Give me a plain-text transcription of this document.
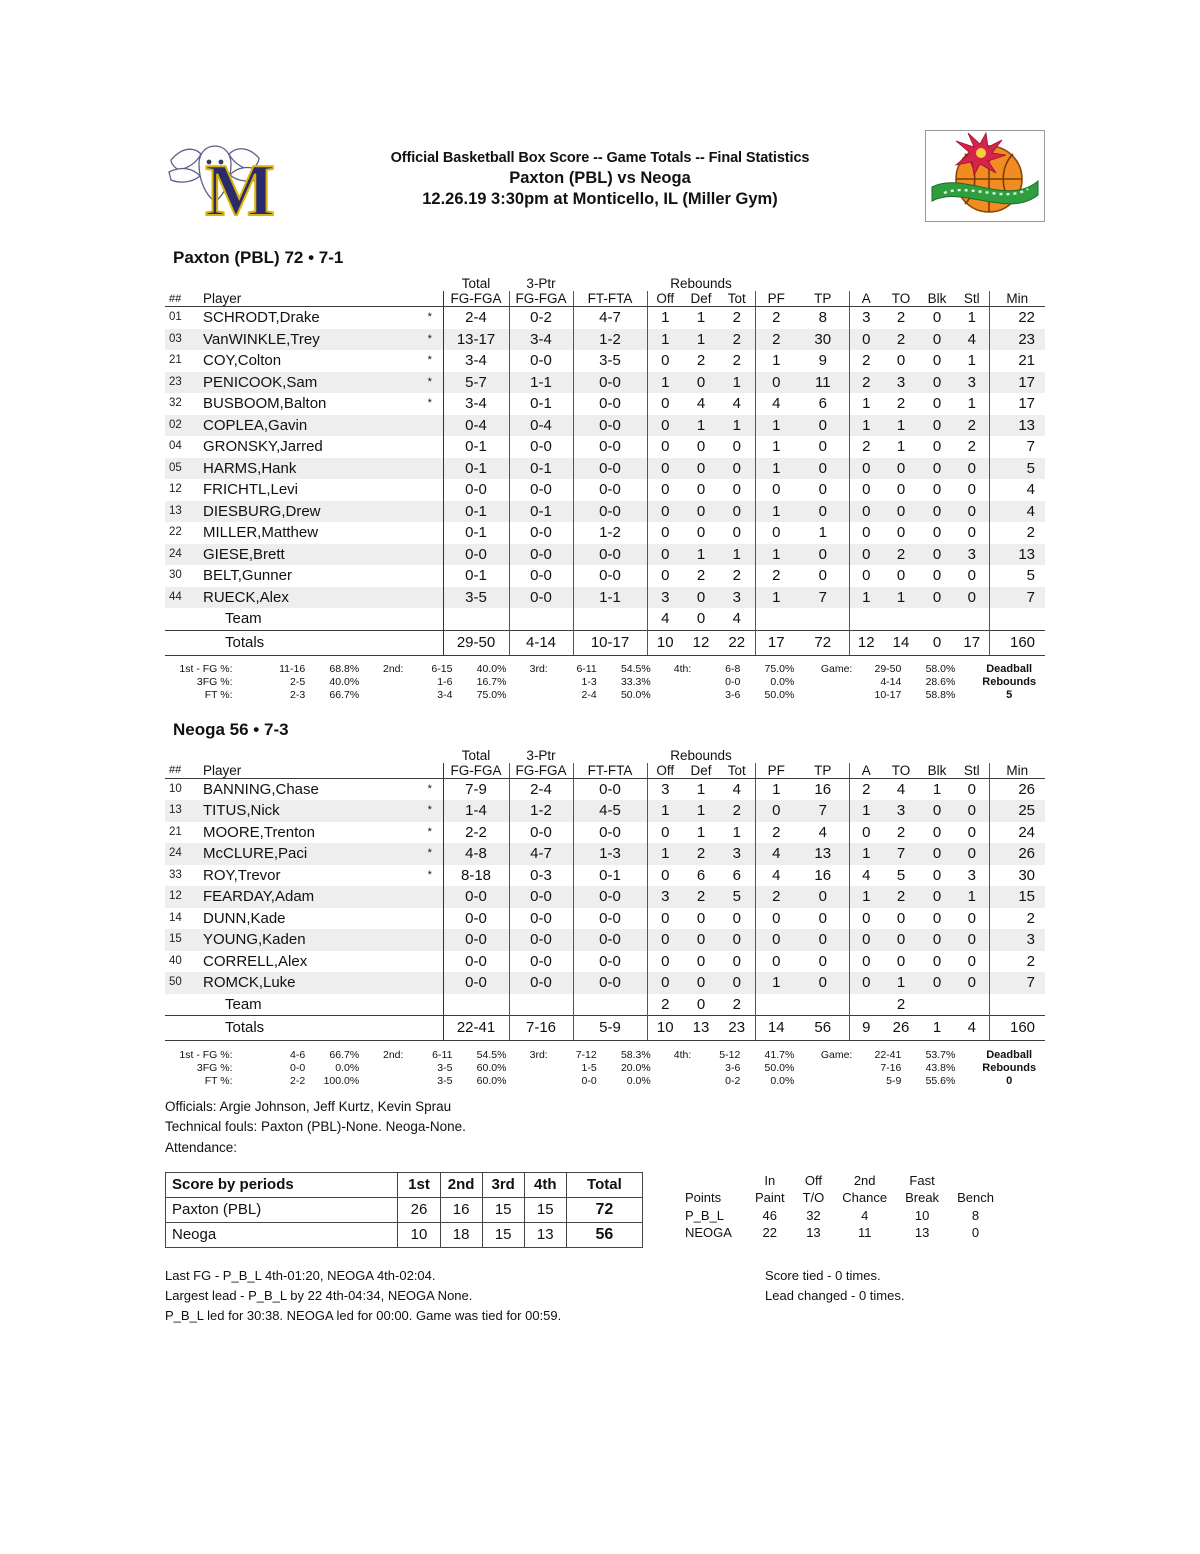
M	Official Basketball Box Score -- Game Totals -- Final Statistics
Paxton (PBL) vs Neoga
12.26.19 3:30pm at Monticello, IL (Miller Gym)
Paxton (PBL) 72 • 7-1
			Total	3-Ptr		Rebounds									
##	Player		FG-FGA	FG-FGA	FT-FTA	Off	Def	Tot	PF	TP	A	TO	Blk	Stl	Min
01	SCHRODT,Drake	*	2-4	0-2	4-7	1	1	2	2	8	3	2	0	1	22
03	VanWINKLE,Trey	*	13-17	3-4	1-2	1	1	2	2	30	0	2	0	4	23
21	COY,Colton	*	3-4	0-0	3-5	0	2	2	1	9	2	0	0	1	21
23	PENICOOK,Sam	*	5-7	1-1	0-0	1	0	1	0	11	2	3	0	3	17
32	BUSBOOM,Balton	*	3-4	0-1	0-0	0	4	4	4	6	1	2	0	1	17
02	COPLEA,Gavin		0-4	0-4	0-0	0	1	1	1	0	1	1	0	2	13
04	GRONSKY,Jarred		0-1	0-0	0-0	0	0	0	1	0	2	1	0	2	7
05	HARMS,Hank		0-1	0-1	0-0	0	0	0	1	0	0	0	0	0	5
12	FRICHTL,Levi		0-0	0-0	0-0	0	0	0	0	0	0	0	0	0	4
13	DIESBURG,Drew		0-1	0-1	0-0	0	0	0	1	0	0	0	0	0	4
22	MILLER,Matthew		0-1	0-0	1-2	0	0	0	0	1	0	0	0	0	2
24	GIESE,Brett		0-0	0-0	0-0	0	1	1	1	0	0	2	0	3	13
30	BELT,Gunner		0-1	0-0	0-0	0	2	2	2	0	0	0	0	0	5
44	RUECK,Alex		3-5	0-0	1-1	3	0	3	1	7	1	1	0	0	7
	Team					4	0	4							
	Totals		29-50	4-14	10-17	10	12	22	17	72	12	14	0	17	160
1st - FG %:		11-16	68.8%	2nd:	6-15	40.0%	3rd:	6-11	54.5%	4th:	6-8	75.0%	Game:	29-50	58.0%	Deadball
3FG %:		2-5	40.0%		1-6	16.7%		1-3	33.3%		0-0	0.0%		4-14	28.6%	Rebounds
FT %:		2-3	66.7%		3-4	75.0%		2-4	50.0%		3-6	50.0%		10-17	58.8%	5
Neoga 56 • 7-3
			Total	3-Ptr		Rebounds									
##	Player		FG-FGA	FG-FGA	FT-FTA	Off	Def	Tot	PF	TP	A	TO	Blk	Stl	Min
10	BANNING,Chase	*	7-9	2-4	0-0	3	1	4	1	16	2	4	1	0	26
13	TITUS,Nick	*	1-4	1-2	4-5	1	1	2	0	7	1	3	0	0	25
21	MOORE,Trenton	*	2-2	0-0	0-0	0	1	1	2	4	0	2	0	0	24
24	McCLURE,Paci	*	4-8	4-7	1-3	1	2	3	4	13	1	7	0	0	26
33	ROY,Trevor	*	8-18	0-3	0-1	0	6	6	4	16	4	5	0	3	30
12	FEARDAY,Adam		0-0	0-0	0-0	3	2	5	2	0	1	2	0	1	15
14	DUNN,Kade		0-0	0-0	0-0	0	0	0	0	0	0	0	0	0	2
15	YOUNG,Kaden		0-0	0-0	0-0	0	0	0	0	0	0	0	0	0	3
40	CORRELL,Alex		0-0	0-0	0-0	0	0	0	0	0	0	0	0	0	2
50	ROMCK,Luke		0-0	0-0	0-0	0	0	0	1	0	0	1	0	0	7
	Team					2	0	2				2			
	Totals		22-41	7-16	5-9	10	13	23	14	56	9	26	1	4	160
1st - FG %:		4-6	66.7%	2nd:	6-11	54.5%	3rd:	7-12	58.3%	4th:	5-12	41.7%	Game:	22-41	53.7%	Deadball
3FG %:		0-0	0.0%		3-5	60.0%		1-5	20.0%		3-6	50.0%		7-16	43.8%	Rebounds
FT %:		2-2	100.0%		3-5	60.0%		0-0	0.0%		0-2	0.0%		5-9	55.6%	0
Officials: Argie Johnson, Jeff Kurtz, Kevin Sprau
Technical fouls: Paxton (PBL)-None. Neoga-None.
Attendance:
Score by periods	1st	2nd	3rd	4th	Total
Paxton (PBL)	26	16	15	15	72
Neoga	10	18	15	13	56
	In	Off	2nd	Fast	
Points	Paint	T/O	Chance	Break	Bench
P_B_L	46	32	4	10	8
NEOGA	22	13	11	13	0
Last FG - P_B_L 4th-01:20, NEOGA 4th-02:04.
Largest lead - P_B_L by 22 4th-04:34, NEOGA None.
P_B_L led for 30:38. NEOGA led for 00:00. Game was tied for 00:59.
Score tied - 0 times.
Lead changed - 0 times.
